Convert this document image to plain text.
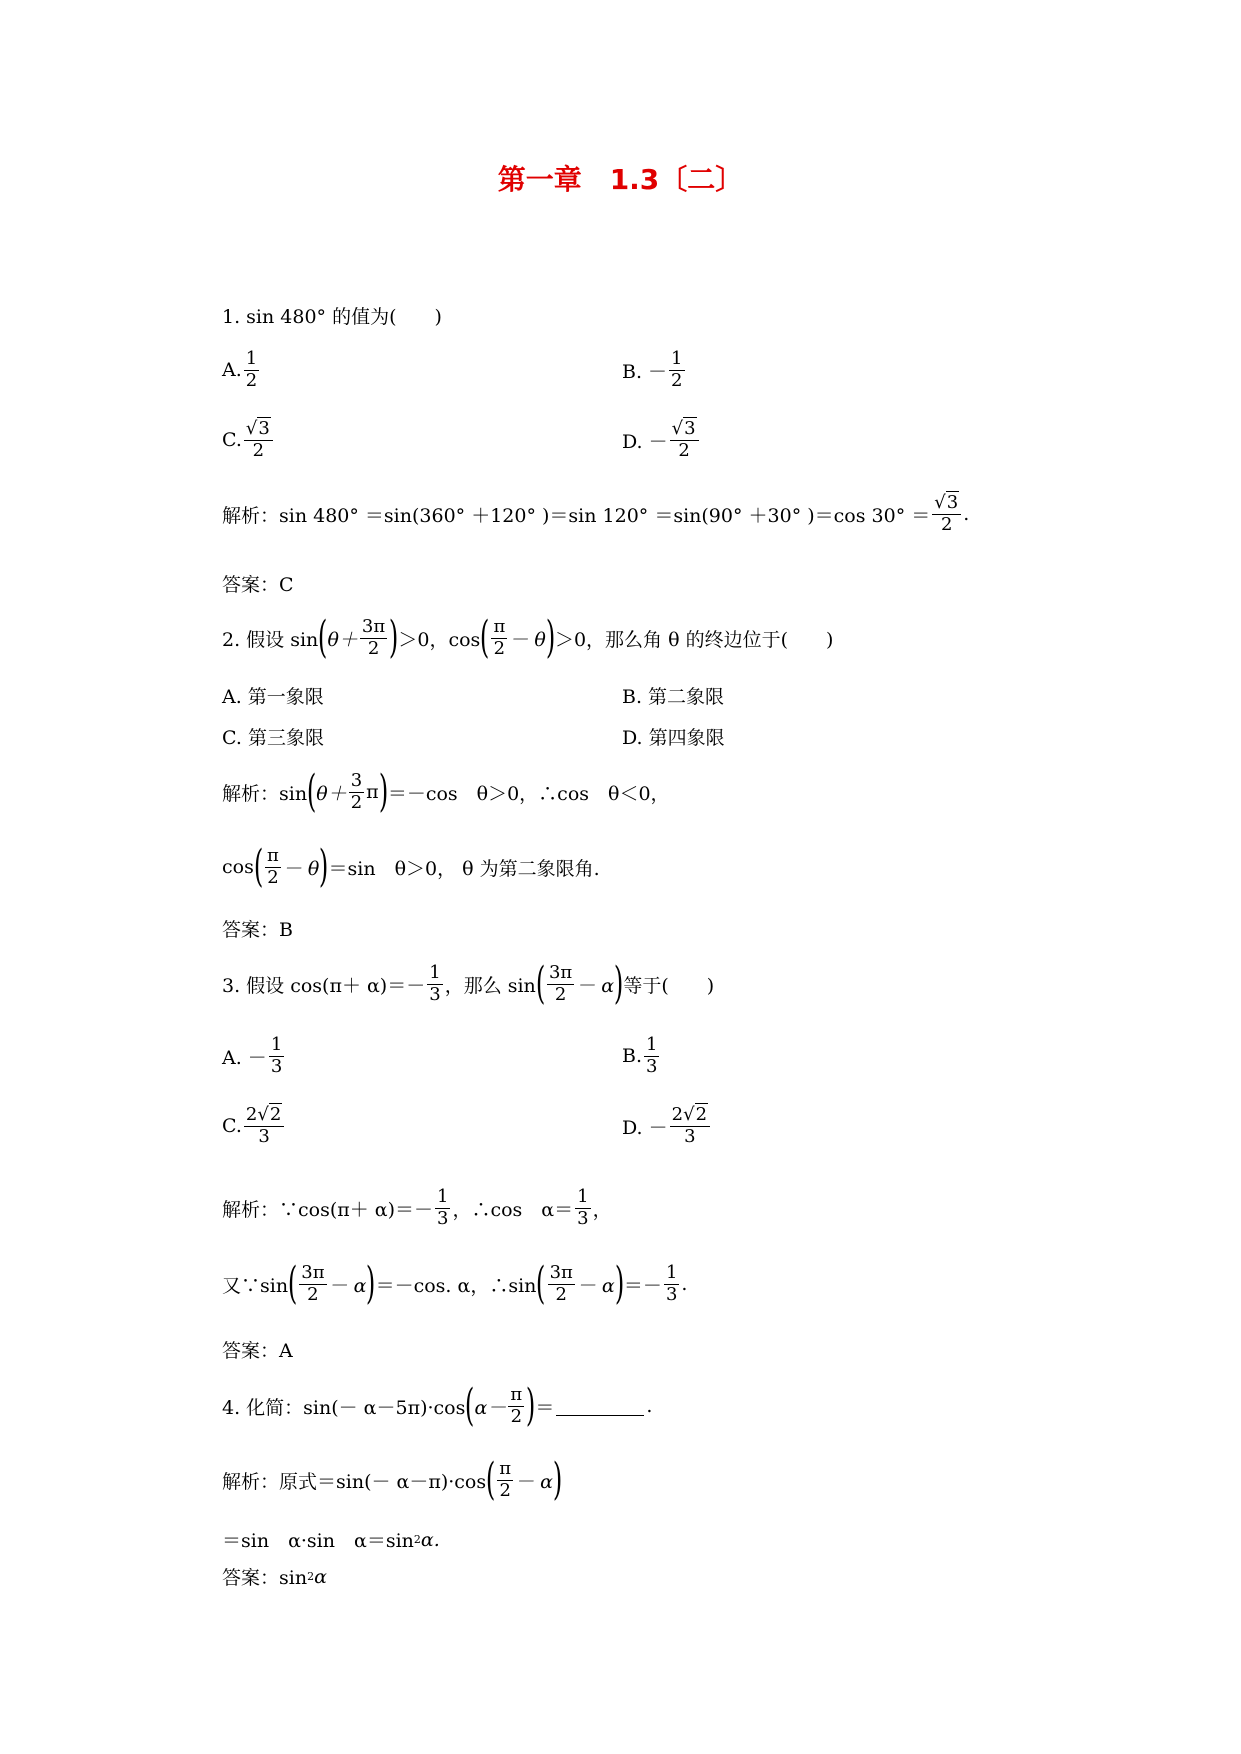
第一章　1.3〔二〕
1. sin 480° 的值为(　　)
A.
1
2	B. －
1
2
C.
√3
2	D. －
√3
2
解析： sin 480° ＝sin(360° ＋120° )＝sin 120° ＝sin(90° ＋30° )＝cos 30° ＝
√3
2 .
答案：C
2. 假设 sin ( θ＋
3π
2 ) ＞0，cos ( π
2 － θ ) ＞0，那么角 θ 的终边位于(　　)
A. 第一象限	B. 第二象限
C. 第三象限	D. 第四象限
解析：sin ( θ＋
3
2 π ) ＝－cos　θ＞0，∴cos　θ＜0，
cos ( π
2 － θ ) ＝sin　θ＞0， θ 为第二象限角.
答案：B
3. 假设 cos(π＋ α)＝－
1
3 ，那么 sin ( 3π
2 － α ) 等于(　　)
A. －
1
3	B.
1
3
C.
2√2
3	D. －
2√2
3
解析：∵cos(π＋ α)＝－
1
3 ，∴cos　α＝
1
3 ，
又∵sin ( 3π
2 － α ) ＝－cos. α，∴sin ( 3π
2 － α ) ＝－
1
3 .
答案：A
4. 化简：sin(－ α－5π)·cos ( α－
π
2 ) ＝	.
解析：原式＝sin(－ α－π)·cos ( π
2 － α )
＝sin　α·sin　α＝sin 2 α.
答案：sin 2 α
